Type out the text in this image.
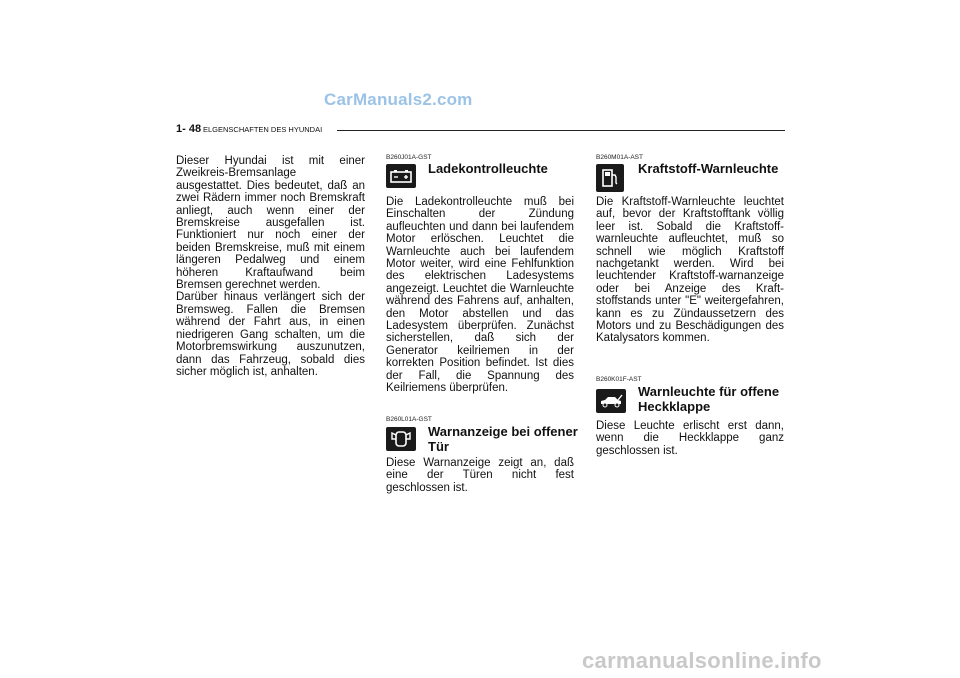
CarManuals2.com
carmanualsonline.info
1- 48 ELGENSCHAFTEN DES HYUNDAI

Dieser Hyundai ist mit einer Zweikreis-Bremsanlage ausgestattet. Dies bedeutet, daß an zwei Rädern immer noch Bremskraft anliegt, auch wenn einer der Bremskreise ausgefallen ist. Funktioniert nur noch einer der beiden Bremskreise, muß mit einem längeren Pedalweg und einem höheren Kraftaufwand beim Bremsen gerechnet werden.

Darüber hinaus verlängert sich der Bremsweg. Fallen die Bremsen während der Fahrt aus, in einen niedrigeren Gang schalten, um die Motorbremswirkung auszunutzen, dann das Fahrzeug, sobald dies sicher möglich ist, anhalten.

B260J01A-GST
Ladekontrolleuchte
Die Ladekontrolleuchte muß bei Einschalten der Zündung aufleuchten und dann bei laufendem Motor erlöschen. Leuchtet die Warnleuchte auch bei laufendem Motor weiter, wird eine Fehlfunktion des elektrischen Ladesystems angezeigt. Leuchtet die Warnleuchte während des Fahrens auf, anhalten, den Motor abstellen und das Ladesystem überprüfen. Zunächst sicherstellen, daß sich der Generator keilriemen in der korrekten Position befindet. Ist dies der Fall, die Spannung des Keilriemens überprüfen.
B260L01A-GST
Warnanzeige bei offener Tür
Diese Warnanzeige zeigt an, daß eine der Türen nicht fest geschlossen ist.
B260M01A-AST
Kraftstoff-Warnleuchte
Die Kraftstoff-Warnleuchte leuchtet auf, bevor der Kraftstofftank völlig leer ist. Sobald die Kraftstoff-warnleuchte aufleuchtet, muß so schnell wie möglich Kraftstoff nachgetankt werden. Wird bei leuchtender Kraftstoff-warnanzeige oder bei Anzeige des Kraft-stoffstands unter "E" weitergefahren, kann es zu Zündaussetzern des Motors und zu Beschädigungen des Katalysators kommen.
B260K01F-AST
Warnleuchte für offene Heckklappe
Diese Leuchte erlischt erst dann, wenn die Heckklappe ganz geschlossen ist.
